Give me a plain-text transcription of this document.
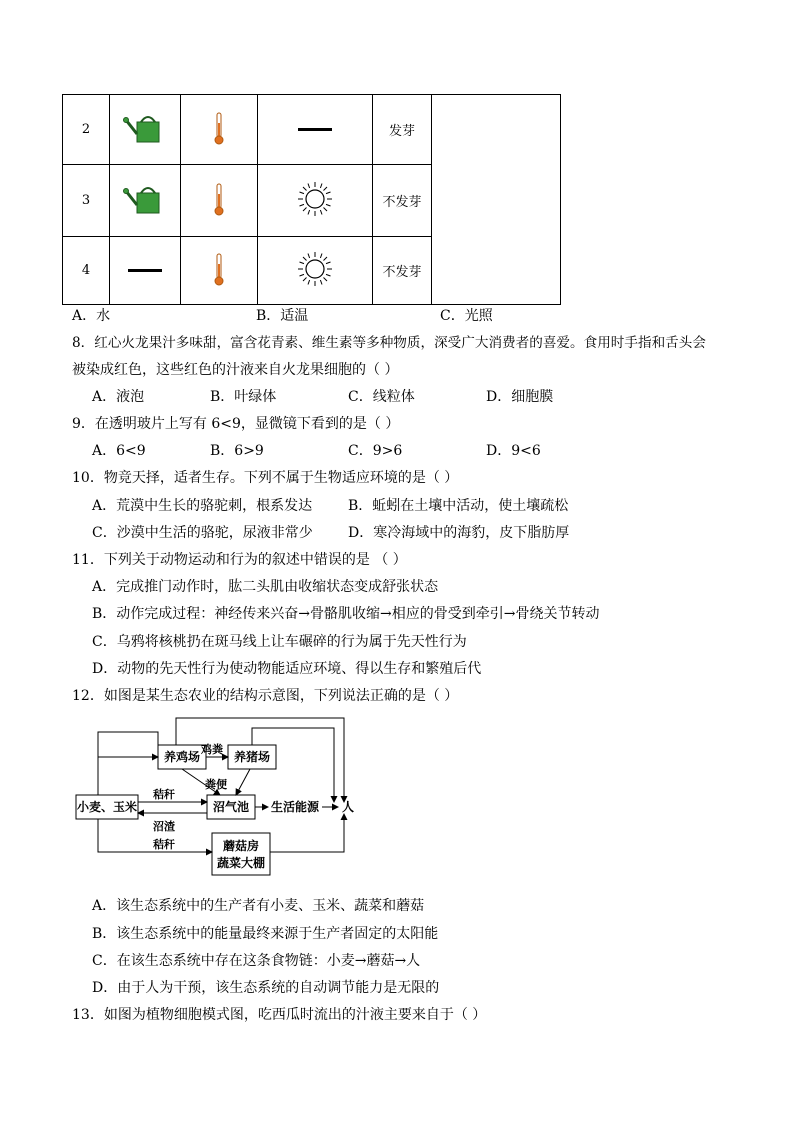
2				发芽	
3				不发芽	
4				不发芽	
A．水	B．适温	C．光照
8．红心火龙果汁多味甜，富含花青素、维生素等多种物质，深受广大消费者的喜爱。食用时手指和舌头会
被染成红色，这些红色的汁液来自火龙果细胞的（ ）
A．液泡	B．叶绿体	C．线粒体	D．细胞膜
9．在透明玻片上写有 6<9，显微镜下看到的是（ ）
A．6<9	B．6>9	C．9>6	D．9<6
10．物竞天择，适者生存。下列不属于生物适应环境的是（ ）
A．荒漠中生长的骆驼刺，根系发达	B．蚯蚓在土壤中活动，使土壤疏松
C．沙漠中生活的骆驼，尿液非常少	D．寒冷海域中的海豹，皮下脂肪厚
11．下列关于动物运动和行为的叙述中错误的是 （ ）
A．完成推门动作时，肱二头肌由收缩状态变成舒张状态
B．动作完成过程：神经传来兴奋→骨骼肌收缩→相应的骨受到牵引→骨绕关节转动
C．乌鸦将核桃扔在斑马线上让车碾碎的行为属于先天性行为
D．动物的先天性行为使动物能适应环境、得以生存和繁殖后代
12．如图是某生态农业的结构示意图，下列说法正确的是（ ）
养鸡场	养猪场
小麦、玉米	沼气池 生活能源 人
蘑菇房
蔬菜大棚
鸡粪
粪便
秸秆
沼渣
秸秆
A．该生态系统中的生产者有小麦、玉米、蔬菜和蘑菇
B．该生态系统中的能量最终来源于生产者固定的太阳能
C．在该生态系统中存在这条食物链：小麦→蘑菇→人
D．由于人为干预，该生态系统的自动调节能力是无限的
13．如图为植物细胞模式图，吃西瓜时流出的汁液主要来自于（ ）
